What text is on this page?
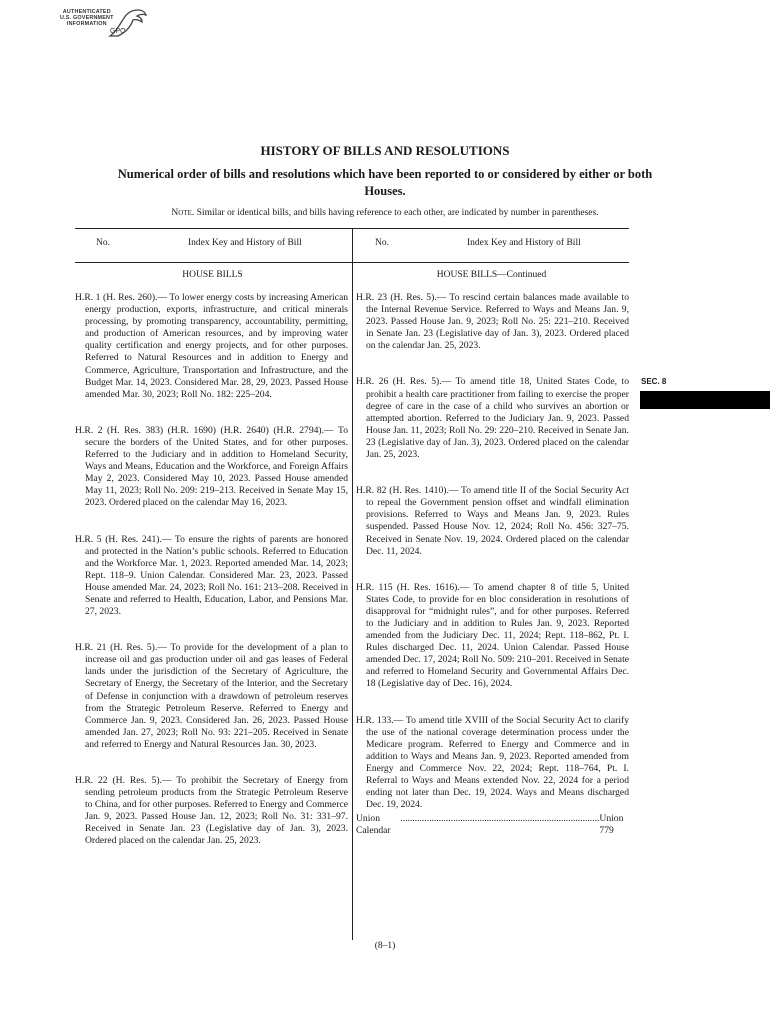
AUTHENTICATED
U.S. GOVERNMENT
INFORMATION
GPO
HISTORY OF BILLS AND RESOLUTIONS
Numerical order of bills and resolutions which have been reported to or considered by either or both Houses.
Note. Similar or identical bills, and bills having reference to each other, are indicated by number in parentheses.
No.	Index Key and History of Bill	No.	Index Key and History of Bill
HOUSE BILLS	HOUSE BILLS—Continued

H.R. 1 (H. Res. 260).— To lower energy costs by increasing American energy production, exports, infrastructure, and critical minerals processing, by promoting transparency, accountability, permitting, and production of American resources, and by improving water quality certification and energy projects, and for other purposes. Referred to Natural Resources and in addition to Energy and Commerce, Agriculture, Transportation and Infrastructure, and the Budget Mar. 14, 2023. Considered Mar. 28, 29, 2023. Passed House amended Mar. 30, 2023; Roll No. 182: 225–204.

H.R. 2 (H. Res. 383) (H.R. 1690) (H.R. 2640) (H.R. 2794).— To secure the borders of the United States, and for other purposes. Referred to the Judiciary and in addition to Homeland Security, Ways and Means, Education and the Workforce, and Foreign Affairs May 2, 2023. Considered May 10, 2023. Passed House amended May 11, 2023; Roll No. 209: 219–213. Received in Senate May 15, 2023. Ordered placed on the calendar May 16, 2023.

H.R. 5 (H. Res. 241).— To ensure the rights of parents are honored and protected in the Nation’s public schools. Referred to Education and the Workforce Mar. 1, 2023. Reported amended Mar. 14, 2023; Rept. 118–9. Union Calendar. Considered Mar. 23, 2023. Passed House amended Mar. 24, 2023; Roll No. 161: 213–208. Received in Senate and referred to Health, Education, Labor, and Pensions Mar. 27, 2023.

H.R. 21 (H. Res. 5).— To provide for the development of a plan to increase oil and gas production under oil and gas leases of Federal lands under the jurisdiction of the Secretary of Agriculture, the Secretary of Energy, the Secretary of the Interior, and the Secretary of Defense in conjunction with a drawdown of petroleum reserves from the Strategic Petroleum Reserve. Referred to Energy and Commerce Jan. 9, 2023. Considered Jan. 26, 2023. Passed House amended Jan. 27, 2023; Roll No. 93: 221–205. Received in Senate and referred to Energy and Natural Resources Jan. 30, 2023.

H.R. 22 (H. Res. 5).— To prohibit the Secretary of Energy from sending petroleum products from the Strategic Petroleum Reserve to China, and for other purposes. Referred to Energy and Commerce Jan. 9, 2023. Passed House Jan. 12, 2023; Roll No. 31: 331–97. Received in Senate Jan. 23 (Legislative day of Jan. 3), 2023. Ordered placed on the calendar Jan. 25, 2023.

H.R. 23 (H. Res. 5).— To rescind certain balances made available to the Internal Revenue Service. Referred to Ways and Means Jan. 9, 2023. Passed House Jan. 9, 2023; Roll No. 25: 221–210. Received in Senate Jan. 23 (Legislative day of Jan. 3), 2023. Ordered placed on the calendar Jan. 25, 2023.

H.R. 26 (H. Res. 5).— To amend title 18, United States Code, to prohibit a health care practitioner from failing to exercise the proper degree of care in the case of a child who survives an abortion or attempted abortion. Referred to the Judiciary Jan. 9, 2023. Passed House Jan. 11, 2023; Roll No. 29: 220–210. Received in Senate Jan. 23 (Legislative day of Jan. 3), 2023. Ordered placed on the calendar Jan. 25, 2023.

H.R. 82 (H. Res. 1410).— To amend title II of the Social Security Act to repeal the Government pension offset and windfall elimination provisions. Referred to Ways and Means Jan. 9, 2023. Rules suspended. Passed House Nov. 12, 2024; Roll No. 456: 327–75. Received in Senate Nov. 19, 2024. Ordered placed on the calendar Dec. 11, 2024.

H.R. 115 (H. Res. 1616).— To amend chapter 8 of title 5, United States Code, to provide for en bloc consideration in resolutions of disapproval for “midnight rules”, and for other purposes. Referred to the Judiciary and in addition to Rules Jan. 9, 2023. Reported amended from the Judiciary Dec. 11, 2024; Rept. 118–862, Pt. I. Rules discharged Dec. 11, 2024. Union Calendar. Passed House amended Dec. 17, 2024; Roll No. 509: 210–201. Received in Senate and referred to Homeland Security and Governmental Affairs Dec. 18 (Legislative day of Dec. 16), 2024.

H.R. 133.— To amend title XVIII of the Social Security Act to clarify the use of the national coverage determination process under the Medicare program. Referred to Energy and Commerce and in addition to Ways and Means Jan. 9, 2023. Reported amended from Energy and Commerce Nov. 22, 2024; Rept. 118–764, Pt. I. Referral to Ways and Means extended Nov. 22, 2024 for a period ending not later than Dec. 19, 2024. Ways and Means discharged Dec. 19, 2024.

Union Calendar
................................................................................... Union 779
SEC. 8
(8–1)
